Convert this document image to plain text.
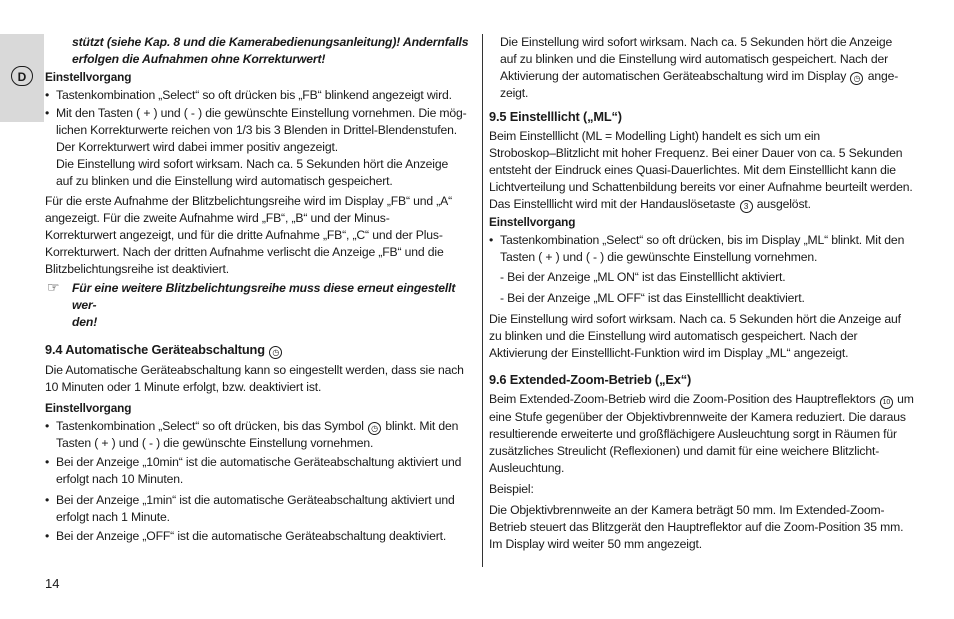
D

stützt (siehe Kap. 8 und die Kamerabedienungsanleitung)! Andernfalls

erfolgen die Aufnahmen ohne Korrekturwert!

Einstellvorgang

• Tastenkombination „Select“ so oft drücken bis „FB“ blinkend angezeigt wird.

• Mit den Tasten ( + ) und ( - ) die gewünschte Einstellung vornehmen. Die mög-

lichen Korrekturwerte reichen von 1/3 bis 3 Blenden in Drittel-Blendenstufen.

Der Korrekturwert wird dabei immer positiv angezeigt.

Die Einstellung wird sofort wirksam. Nach ca. 5 Sekunden hört die Anzeige

auf zu blinken und die Einstellung wird automatisch gespeichert.

Für die erste Aufnahme der Blitzbelichtungsreihe wird im Display „FB“ und „A“

angezeigt. Für die zweite Aufnahme wird „FB“, „B“ und der Minus-

Korrekturwert angezeigt, und für die dritte Aufnahme „FB“, „C“ und der Plus-

Korrekturwert. Nach der dritten Aufnahme verlischt die Anzeige „FB“ und die

Blitzbelichtungsreihe ist deaktiviert.

☞ Für eine weitere Blitzbelichtungsreihe muss diese erneut eingestellt wer-

den!

9.4 Automatische Geräteabschaltung ◷

Die Automatische Geräteabschaltung kann so eingestellt werden, dass sie nach

10 Minuten oder 1 Minute erfolgt, bzw. deaktiviert ist.

Einstellvorgang

• Tastenkombination „Select“ so oft drücken, bis das Symbol ◷ blinkt. Mit den

Tasten ( + ) und ( - ) die gewünschte Einstellung vornehmen.

• Bei der Anzeige „10min“ ist die automatische Geräteabschaltung aktiviert und

erfolgt nach 10 Minuten.

• Bei der Anzeige „1min“ ist die automatische Geräteabschaltung aktiviert und

erfolgt nach 1 Minute.

• Bei der Anzeige „OFF“ ist die automatische Geräteabschaltung deaktiviert.

Die Einstellung wird sofort wirksam. Nach ca. 5 Sekunden hört die Anzeige

auf zu blinken und die Einstellung wird automatisch gespeichert. Nach der

Aktivierung der automatischen Geräteabschaltung wird im Display ◷ ange-

zeigt.

9.5 Einstelllicht („ML“)

Beim Einstelllicht (ML = Modelling Light) handelt es sich um ein

Stroboskop–Blitzlicht mit hoher Frequenz. Bei einer Dauer von ca. 5 Sekunden

entsteht der Eindruck eines Quasi-Dauerlichtes. Mit dem Einstelllicht kann die

Lichtverteilung und Schattenbildung bereits vor einer Aufnahme beurteilt werden.

Das Einstelllicht wird mit der Handauslösetaste 3 ausgelöst.

Einstellvorgang

• Tastenkombination „Select“ so oft drücken, bis im Display „ML“ blinkt. Mit den

Tasten ( + ) und ( - ) die gewünschte Einstellung vornehmen.

- Bei der Anzeige „ML ON“ ist das Einstelllicht aktiviert.

- Bei der Anzeige „ML OFF“ ist das Einstelllicht deaktiviert.

Die Einstellung wird sofort wirksam. Nach ca. 5 Sekunden hört die Anzeige auf

zu blinken und die Einstellung wird automatisch gespeichert. Nach der

Aktivierung der Einstelllicht-Funktion wird im Display „ML“ angezeigt.

9.6 Extended-Zoom-Betrieb („Ex“)

Beim Extended-Zoom-Betrieb wird die Zoom-Position des Hauptreflektors 10 um

eine Stufe gegenüber der Objektivbrennweite der Kamera reduziert. Die daraus

resultierende erweiterte und großflächigere Ausleuchtung sorgt in Räumen für

zusätzliches Streulicht (Reflexionen) und damit für eine weichere Blitzlicht-

Ausleuchtung.

Beispiel:

Die Objektivbrennweite an der Kamera beträgt 50 mm. Im Extended-Zoom-

Betrieb steuert das Blitzgerät den Hauptreflektor auf die Zoom-Position 35 mm.

Im Display wird weiter 50 mm angezeigt.

14
